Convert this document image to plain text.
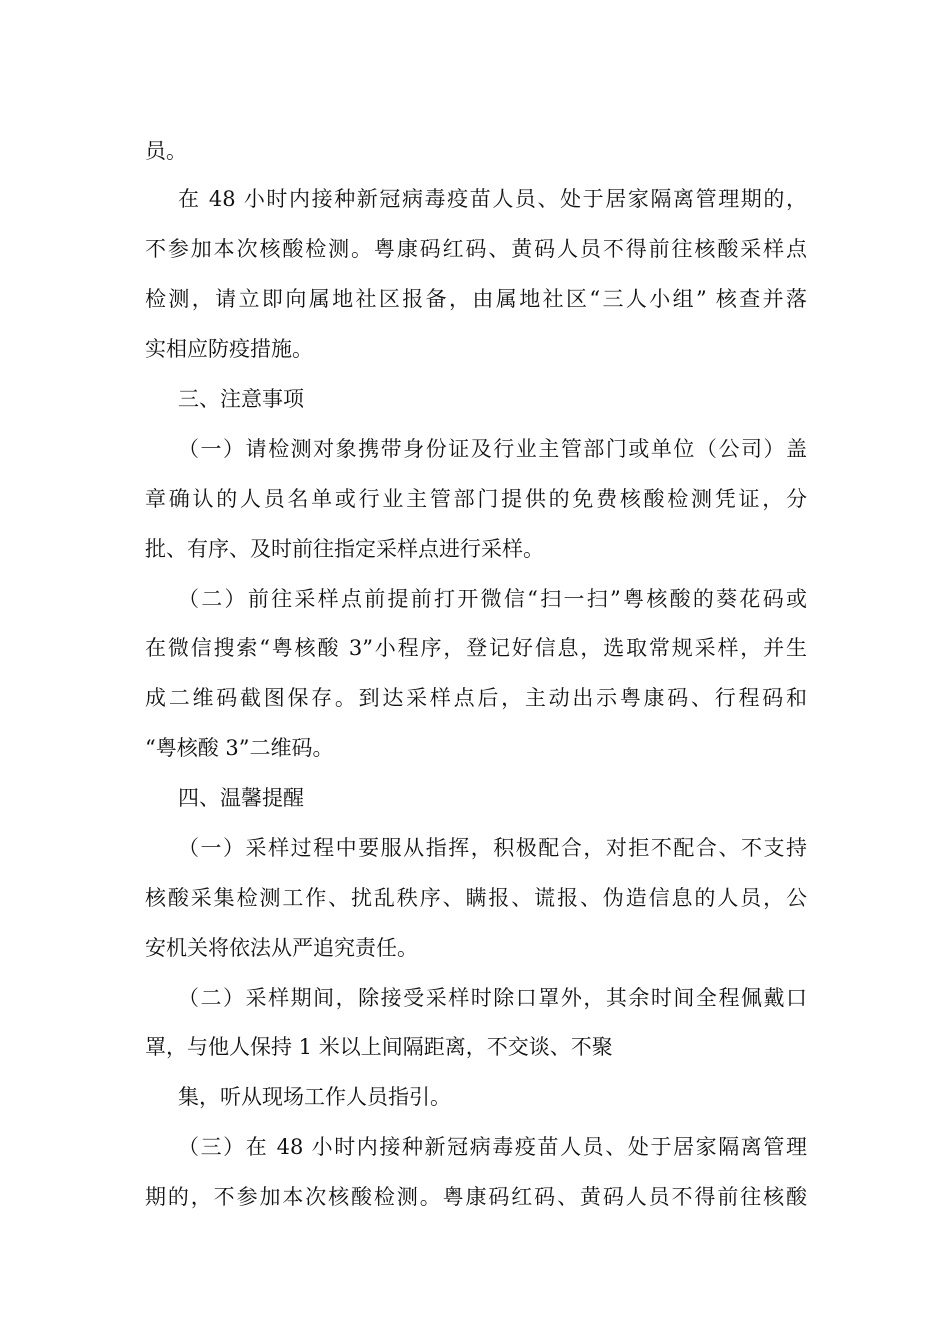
员。

在 48 小时内接种新冠病毒疫苗人员、处于居家隔离管理期的，

不参加本次核酸检测。粤康码红码、黄码人员不得前往核酸采样点

检测，请立即向属地社区报备，由属地社区“三人小组” 核查并落

实相应防疫措施。

三、注意事项

（一）请检测对象携带身份证及行业主管部门或单位（公司）盖

章确认的人员名单或行业主管部门提供的免费核酸检测凭证，分

批、有序、及时前往指定采样点进行采样。

（二）前往采样点前提前打开微信“扫一扫”粤核酸的葵花码或

在微信搜索“粤核酸 3”小程序，登记好信息，选取常规采样，并生

成二维码截图保存。到达采样点后，主动出示粤康码、行程码和

“粤核酸 3”二维码。

四、温馨提醒

（一）采样过程中要服从指挥，积极配合，对拒不配合、不支持

核酸采集检测工作、扰乱秩序、瞒报、谎报、伪造信息的人员，公

安机关将依法从严追究责任。

（二）采样期间，除接受采样时除口罩外，其余时间全程佩戴口

罩，与他人保持 1 米以上间隔距离，不交谈、不聚

集，听从现场工作人员指引。

（三）在 48 小时内接种新冠病毒疫苗人员、处于居家隔离管理

期的，不参加本次核酸检测。粤康码红码、黄码人员不得前往核酸
